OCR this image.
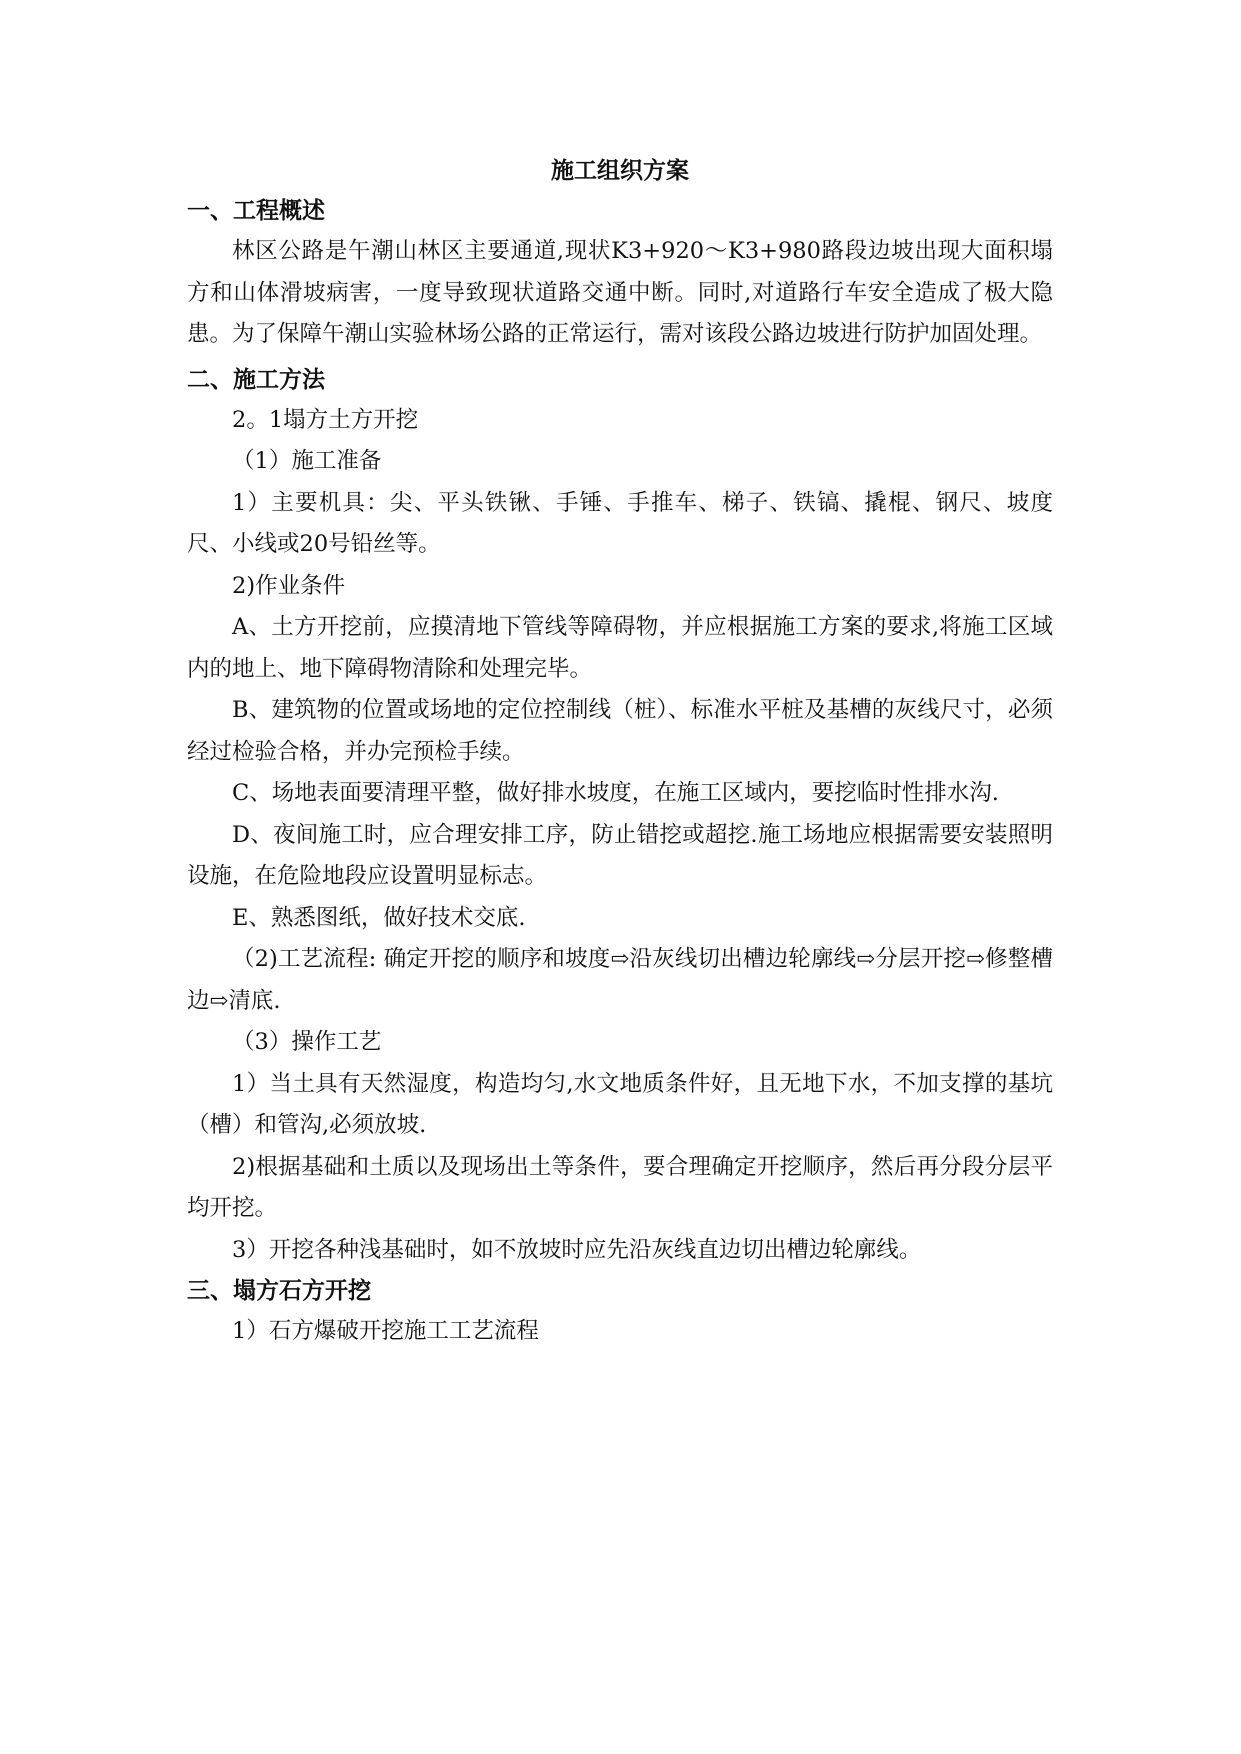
施工组织方案
一、工程概述

林区公路是午潮山林区主要通道,现状K3+920～K3+980路段边坡出现大面积塌方和山体滑坡病害，一度导致现状道路交通中断。同时,对道路行车安全造成了极大隐患。为了保障午潮山实验林场公路的正常运行，需对该段公路边坡进行防护加固处理。

二、施工方法

2。1塌方土方开挖

（1）施工准备

1）主要机具：尖、平头铁锹、手锤、手推车、梯子、铁镐、撬棍、钢尺、坡度尺、小线或20号铅丝等。

2)作业条件

A、土方开挖前，应摸清地下管线等障碍物，并应根据施工方案的要求,将施工区域内的地上、地下障碍物清除和处理完毕。

B、建筑物的位置或场地的定位控制线（桩）、标准水平桩及基槽的灰线尺寸，必须经过检验合格，并办完预检手续。

C、场地表面要清理平整，做好排水坡度，在施工区域内，要挖临时性排水沟.

D、夜间施工时，应合理安排工序，防止错挖或超挖.施工场地应根据需要安装照明设施，在危险地段应设置明显标志。

E、熟悉图纸，做好技术交底.

（2)工艺流程: 确定开挖的顺序和坡度⇨沿灰线切出槽边轮廓线⇨分层开挖⇨修整槽边⇨清底.

（3）操作工艺

1）当土具有天然湿度，构造均匀,水文地质条件好，且无地下水，不加支撑的基坑（槽）和管沟,必须放坡.

2)根据基础和土质以及现场出土等条件，要合理确定开挖顺序，然后再分段分层平均开挖。

3）开挖各种浅基础时，如不放坡时应先沿灰线直边切出槽边轮廓线。

三、塌方石方开挖

1）石方爆破开挖施工工艺流程
